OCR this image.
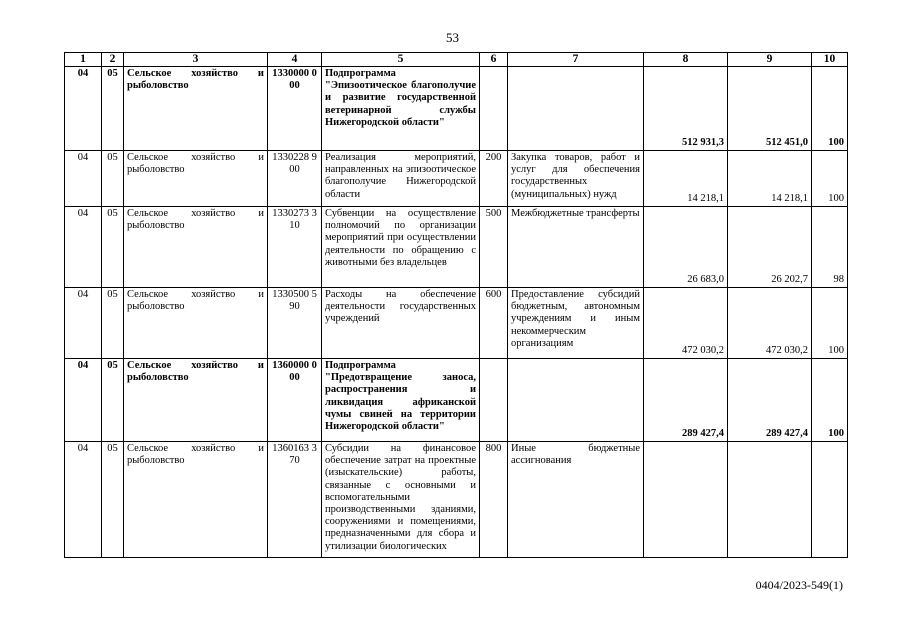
53
1	2	3	4	5	6	7	8	9	10
04	05	Сельское хозяйство и рыболовство	1330000 000	Подпрограмма "Эпизоотическое благополучие и развитие государственной ветеринарной службы Нижегородской области"			512 931,3	512 451,0	100
04	05	Сельское хозяйство и рыболовство	1330228 900	Реализация мероприятий, направленных на эпизоотическое благополучие Нижегородской области	200	Закупка товаров, работ и услуг для обеспечения государственных (муниципальных) нужд	14 218,1	14 218,1	100
04	05	Сельское хозяйство и рыболовство	1330273 310	Субвенции на осуществление полномочий по организации мероприятий при осуществлении деятельности по обращению с животными без владельцев	500	Межбюджетные трансферты	26 683,0	26 202,7	98
04	05	Сельское хозяйство и рыболовство	1330500 590	Расходы на обеспечение деятельности государственных учреждений	600	Предоставление субсидий бюджетным, автономным учреждениям и иным некоммерческим организациям	472 030,2	472 030,2	100
04	05	Сельское хозяйство и рыболовство	1360000 000	Подпрограмма "Предотвращение заноса, распространения и ликвидация африканской чумы свиней на территории Нижегородской области"			289 427,4	289 427,4	100
04	05	Сельское хозяйство и рыболовство	1360163 370	Субсидии на финансовое обеспечение затрат на проектные (изыскательские) работы, связанные с основными и вспомогательными производственными зданиями, сооружениями и помещениями, предназначенными для сбора и утилизации биологических	800	Иные бюджетные ассигнования			
0404/2023-549(1)
